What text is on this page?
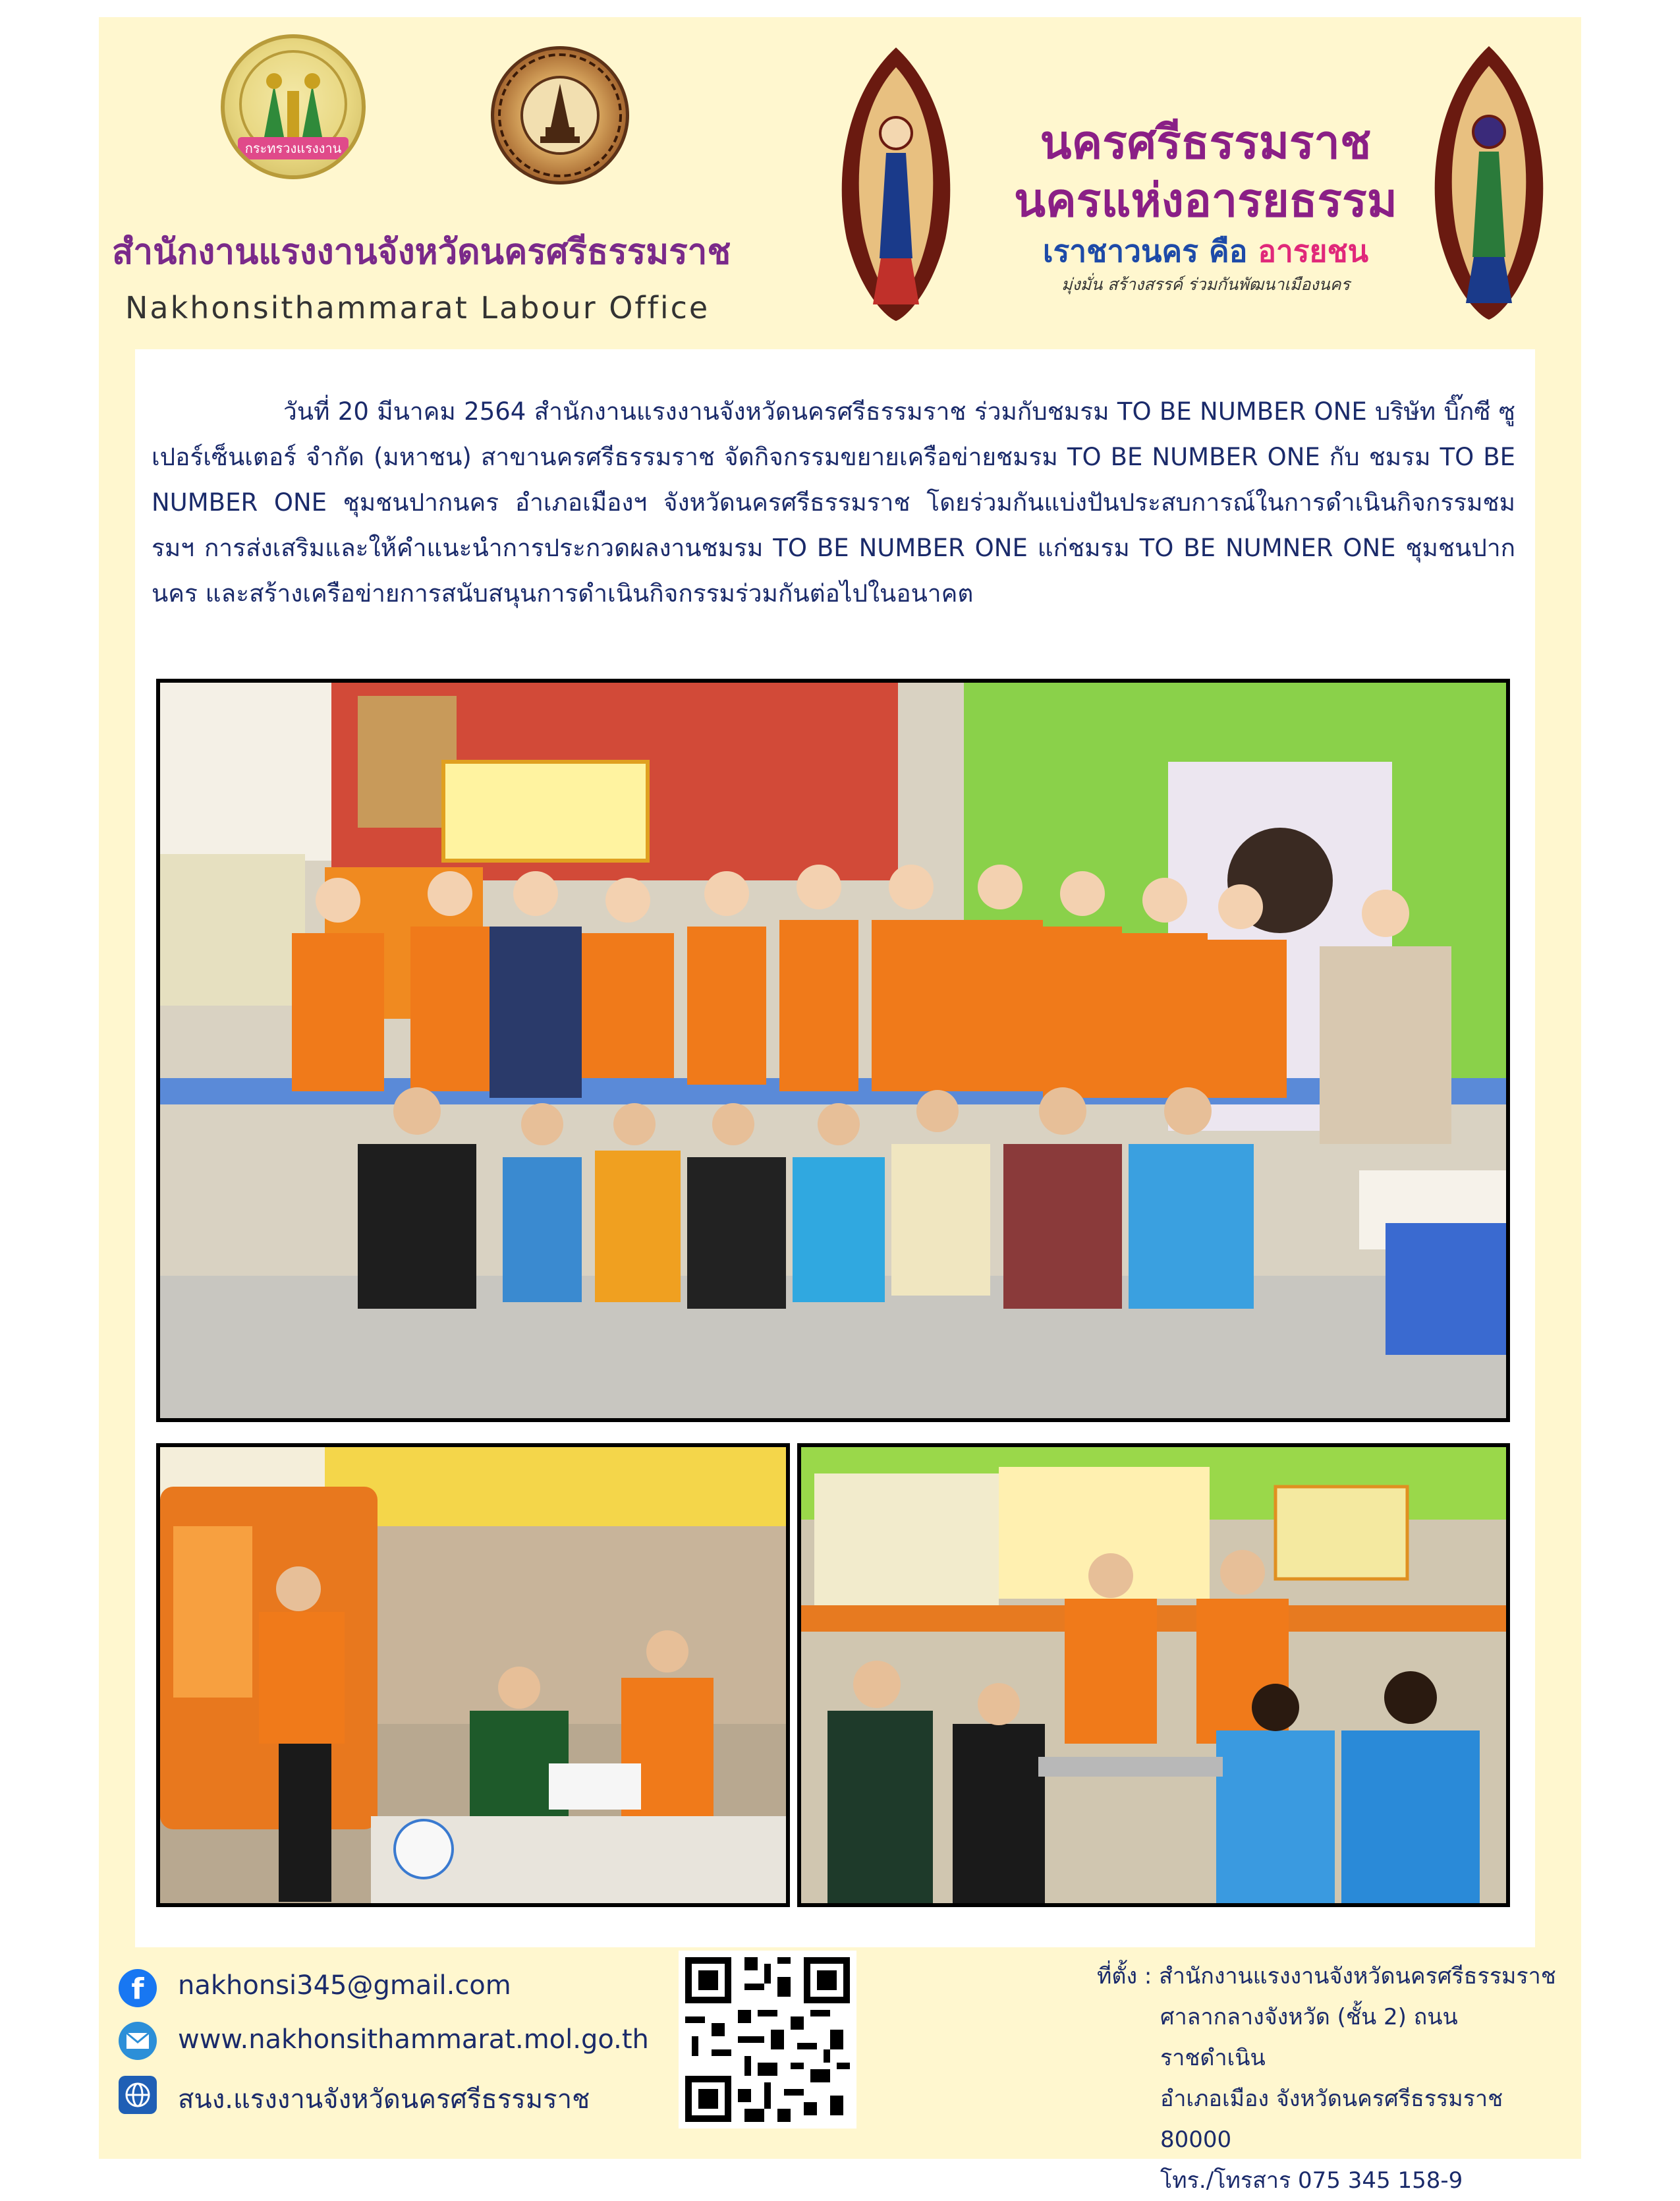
กระทรวงแรงงาน
สำนักงานแรงงานจังหวัดนครศรีธรรมราช
Nakhonsithammarat Labour Office
นครศรีธรรมราช
นครแห่งอารยธรรม
เราชาวนคร คือ อารยชน
มุ่งมั่น สร้างสรรค์ ร่วมกันพัฒนาเมืองนคร
วันที่ 20 มีนาคม 2564 สำนักงานแรงงานจังหวัดนครศรีธรรมราช ร่วมกับชมรม TO BE NUMBER ONE บริษัท บิ๊กซี ซูเปอร์เซ็นเตอร์ จำกัด (มหาชน) สาขานครศรีธรรมราช จัดกิจกรรมขยายเครือข่ายชมรม TO BE NUMBER ONE กับ ชมรม TO BE NUMBER ONE ชุมชนปากนคร อำเภอเมืองฯ จังหวัดนครศรีธรรมราช โดยร่วมกันแบ่งปันประสบการณ์ในการดำเนินกิจกรรมชมรมฯ การส่งเสริมและให้คำแนะนำการประกวดผลงานชมรม TO BE NUMBER ONE แก่ชมรม TO BE NUMNER ONE ชุมชนปากนคร และสร้างเครือข่ายการสนับสนุนการดำเนินกิจกรรมร่วมกันต่อไปในอนาคต
f	nakhonsi345@gmail.com
www.nakhonsithammarat.mol.go.th
สนง.แรงงานจังหวัดนครศรีธรรมราช
ที่ตั้ง : สำนักงานแรงงานจังหวัดนครศรีธรรมราช
ศาลากลางจังหวัด (ชั้น 2) ถนนราชดำเนิน
อำเภอเมือง จังหวัดนครศรีธรรมราช 80000
โทร./โทรสาร 075 345 158-9
